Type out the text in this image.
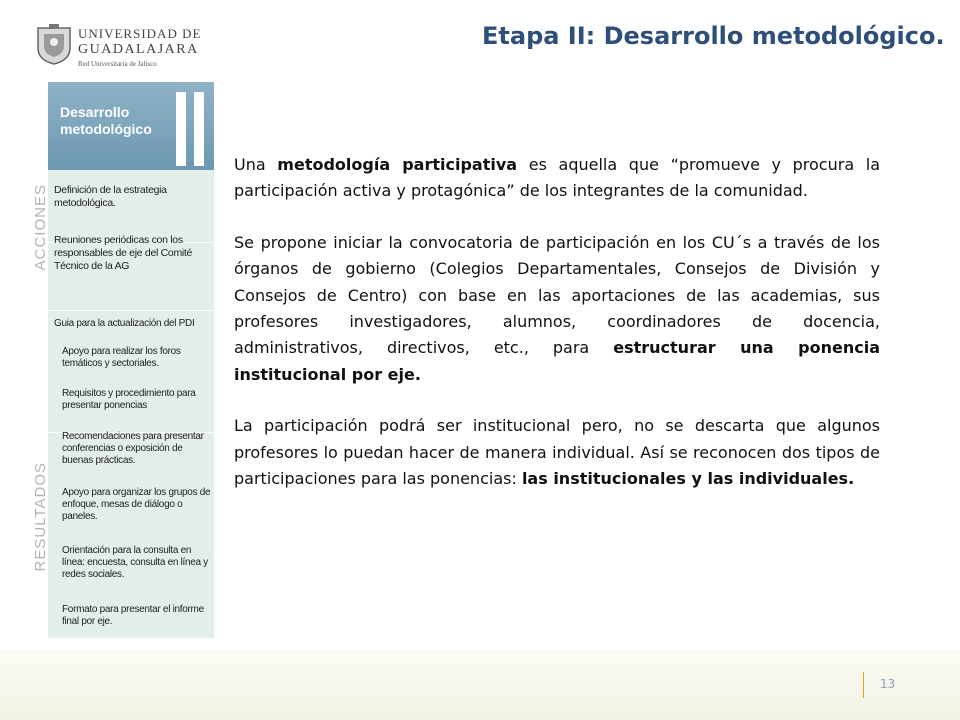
UNIVERSIDAD DE
GUADALAJARA
Red Universitaria de Jalisco
Etapa II: Desarrollo metodológico.
Desarrollo metodológico
Definición de la estrategia metodológica.
Reuniones periódicas con los responsables de eje del Comité Técnico de la AG
Guia para la actualización del PDI
Apoyo para realizar los foros temáticos y sectoriales.
Requisitos y procedimiento para presentar ponencias
Recomendaciones para presentar conferencias o exposición de buenas prácticas.
Apoyo para organizar los grupos de enfoque, mesas de diálogo o paneles.
Orientación para la consulta en línea: encuesta, consulta en línea y redes sociales.
Formato para presentar el informe final por eje.
ACCIONES
RESULTADOS

Una metodología participativa es aquella que “promueve y procura la participación activa y protagónica” de los integrantes de la comunidad.

Se propone iniciar la convocatoria de participación en los CU´s a través de los órganos de gobierno (Colegios Departamentales, Consejos de División y Consejos de Centro) con base en las aportaciones de las academias, sus profesores investigadores, alumnos, coordinadores de docencia, administrativos, directivos, etc., para estructurar una ponencia institucional por eje.

La participación podrá ser institucional pero, no se descarta que algunos profesores lo puedan hacer de manera individual. Así se reconocen dos tipos de participaciones para las ponencias: las institucionales y las individuales.

13
